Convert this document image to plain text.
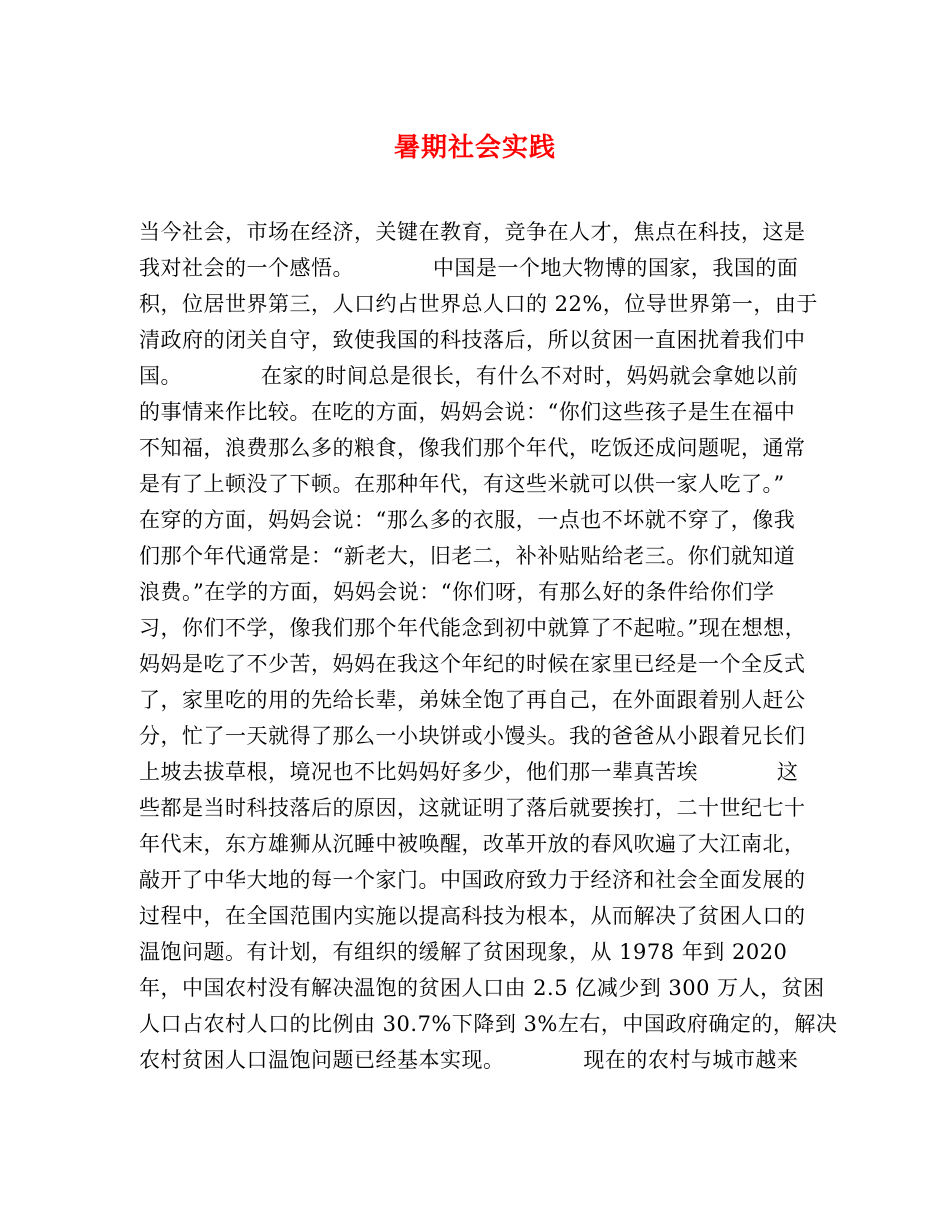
暑期社会实践
当今社会，市场在经济，关键在教育，竞争在人才，焦点在科技，这是
我对社会的一个感悟。           中国是一个地大物博的国家，我国的面
积，位居世界第三，人口约占世界总人口的 22%，位导世界第一，由于
清政府的闭关自守，致使我国的科技落后，所以贫困一直困扰着我们中
国。           在家的时间总是很长，有什么不对时，妈妈就会拿她以前
的事情来作比较。在吃的方面，妈妈会说：“你们这些孩子是生在福中
不知福，浪费那么多的粮食，像我们那个年代，吃饭还成问题呢，通常
是有了上顿没了下顿。在那种年代，有这些米就可以供一家人吃了。”
在穿的方面，妈妈会说：“那么多的衣服，一点也不坏就不穿了，像我
们那个年代通常是：“新老大，旧老二，补补贴贴给老三。你们就知道
浪费。”在学的方面，妈妈会说：“你们呀，有那么好的条件给你们学
习，你们不学，像我们那个年代能念到初中就算了不起啦。”现在想想，
妈妈是吃了不少苦，妈妈在我这个年纪的时候在家里已经是一个全反式
了，家里吃的用的先给长辈，弟妹全饱了再自己，在外面跟着别人赶公
分，忙了一天就得了那么一小块饼或小馒头。我的爸爸从小跟着兄长们
上坡去拔草根，境况也不比妈妈好多少，他们那一辈真苦埃           这
些都是当时科技落后的原因，这就证明了落后就要挨打，二十世纪七十
年代末，东方雄狮从沉睡中被唤醒，改革开放的春风吹遍了大江南北，
敲开了中华大地的每一个家门。中国政府致力于经济和社会全面发展的
过程中，在全国范围内实施以提高科技为根本，从而解决了贫困人口的
温饱问题。有计划，有组织的缓解了贫困现象，从 1978 年到 2020
年，中国农村没有解决温饱的贫困人口由 2.5 亿减少到 300 万人，贫困
人口占农村人口的比例由 30.7%下降到 3%左右，中国政府确定的，解决
农村贫困人口温饱问题已经基本实现。           现在的农村与城市越来
